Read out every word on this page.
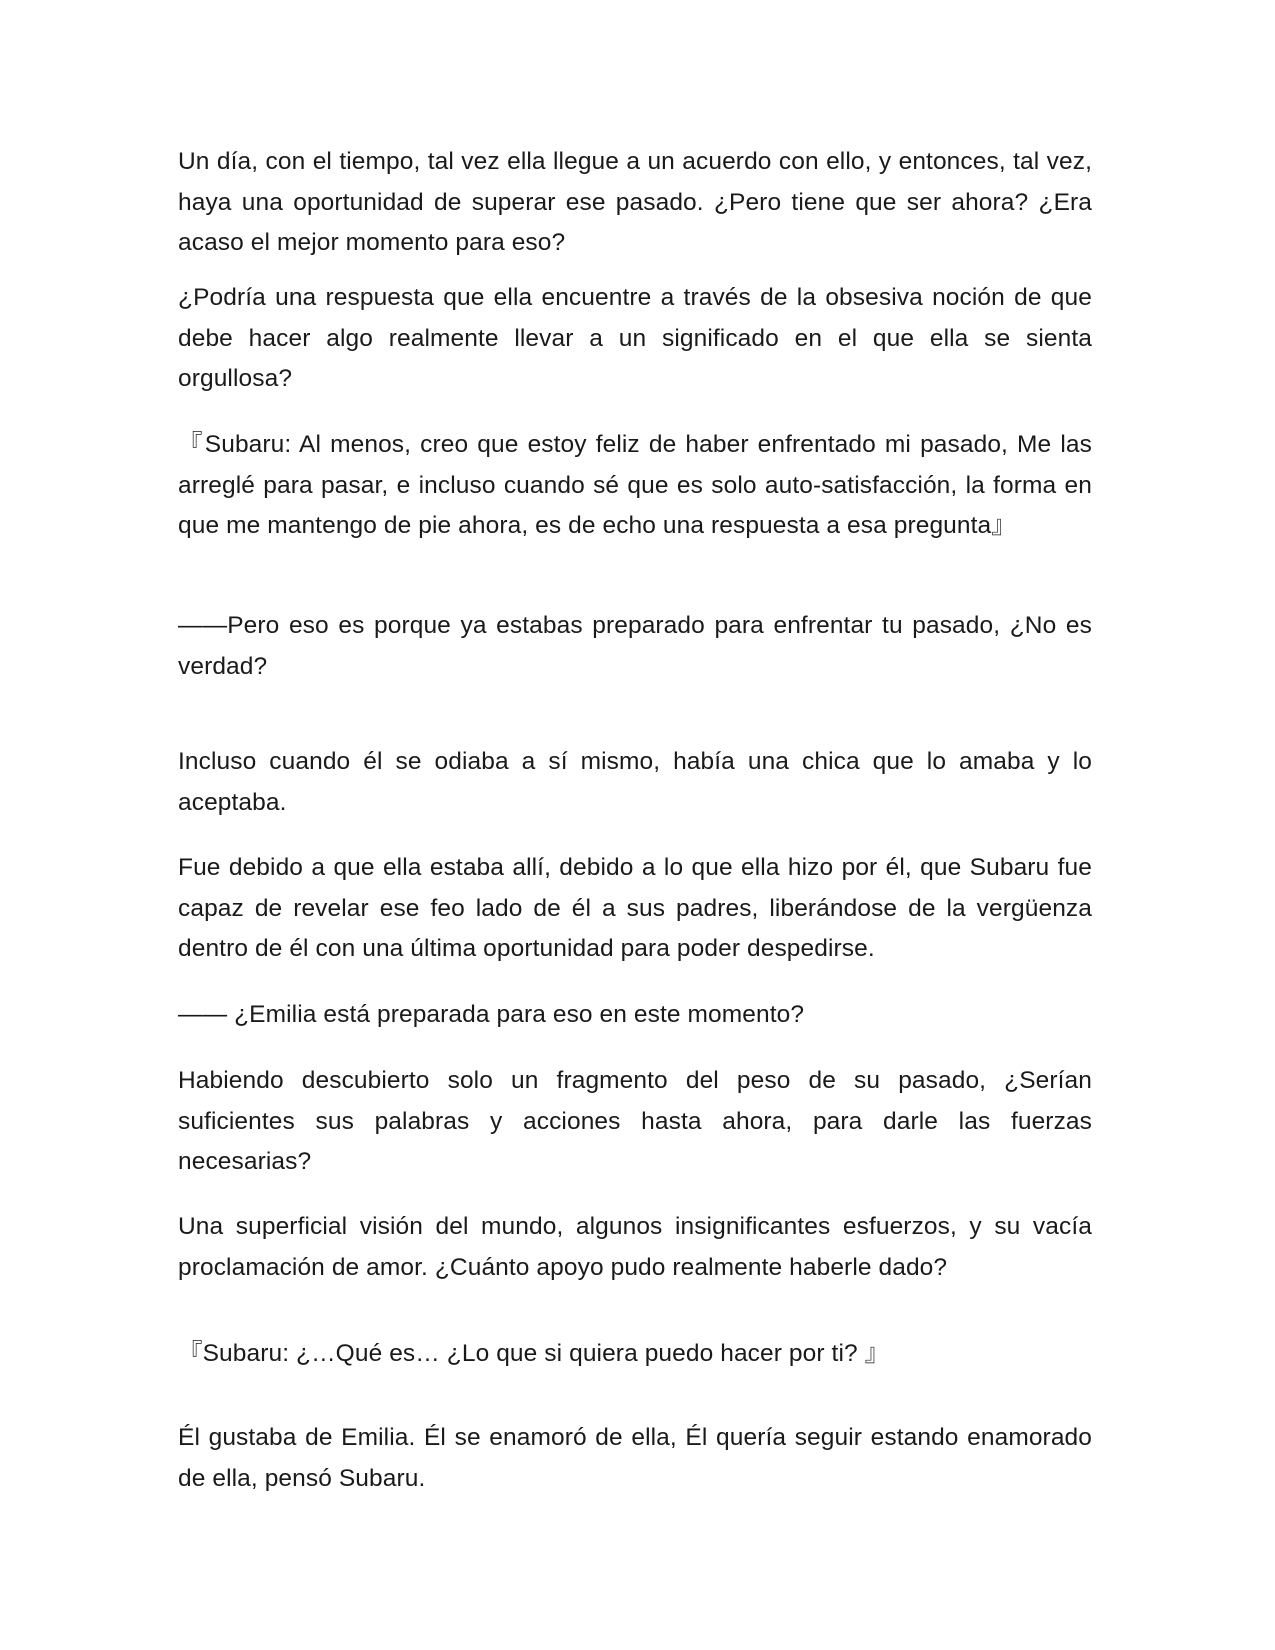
Un día, con el tiempo, tal vez ella llegue a un acuerdo con ello, y entonces, tal vez, haya una oportunidad de superar ese pasado. ¿Pero tiene que ser ahora? ¿Era acaso el mejor momento para eso?
¿Podría una respuesta que ella encuentre a través de la obsesiva noción de que debe hacer algo realmente llevar a un significado en el que ella se sienta orgullosa?
『Subaru: Al menos, creo que estoy feliz de haber enfrentado mi pasado, Me las arreglé para pasar, e incluso cuando sé que es solo auto-satisfacción, la forma en que me mantengo de pie ahora, es de echo una respuesta a esa pregunta』
——Pero eso es porque ya estabas preparado para enfrentar tu pasado, ¿No es verdad?
Incluso cuando él se odiaba a sí mismo, había una chica que lo amaba y lo aceptaba.
Fue debido a que ella estaba allí, debido a lo que ella hizo por él, que Subaru fue capaz de revelar ese feo lado de él a sus padres, liberándose de la vergüenza dentro de él con una última oportunidad para poder despedirse.
—— ¿Emilia está preparada para eso en este momento?
Habiendo descubierto solo un fragmento del peso de su pasado, ¿Serían suficientes sus palabras y acciones hasta ahora, para darle las fuerzas necesarias?
Una superficial visión del mundo, algunos insignificantes esfuerzos, y su vacía proclamación de amor. ¿Cuánto apoyo pudo realmente haberle dado?
『Subaru: ¿…Qué es… ¿Lo que si quiera puedo hacer por ti? 』
Él gustaba de Emilia. Él se enamoró de ella, Él quería seguir estando enamorado de ella, pensó Subaru.
